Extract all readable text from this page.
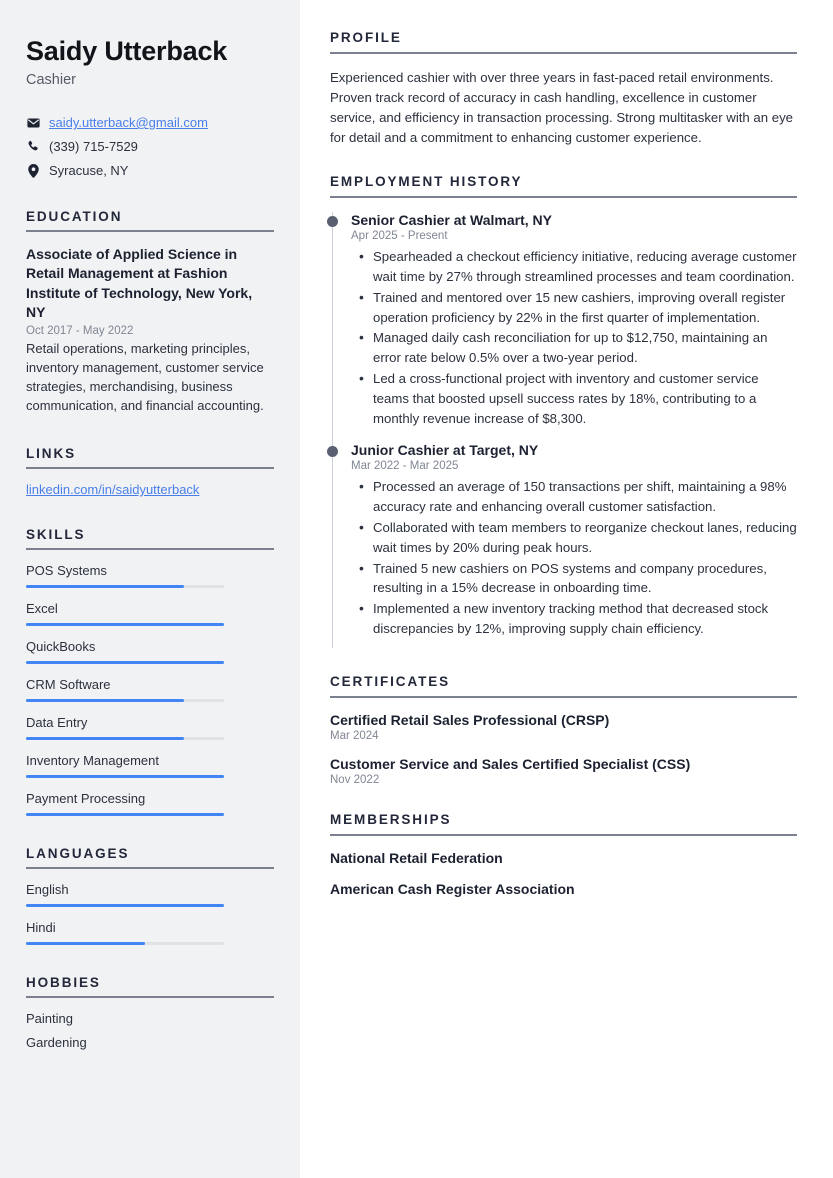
Saidy Utterback
Cashier
saidy.utterback@gmail.com
(339) 715-7529
Syracuse, NY
EDUCATION
Associate of Applied Science in Retail Management at Fashion Institute of Technology, New York, NY
Oct 2017 - May 2022
Retail operations, marketing principles, inventory management, customer service strategies, merchandising, business communication, and financial accounting.
LINKS
linkedin.com/in/saidyutterback
SKILLS
POS Systems
Excel
QuickBooks
CRM Software
Data Entry
Inventory Management
Payment Processing
LANGUAGES
English
Hindi
HOBBIES
Painting
Gardening
PROFILE

Experienced cashier with over three years in fast-paced retail environments. Proven track record of accuracy in cash handling, excellence in customer service, and efficiency in transaction processing. Strong multitasker with an eye for detail and a commitment to enhancing customer experience.

EMPLOYMENT HISTORY
Senior Cashier at Walmart, NY
Apr 2025 - Present
• Spearheaded a checkout efficiency initiative, reducing average customer wait time by 27% through streamlined processes and team coordination.
• Trained and mentored over 15 new cashiers, improving overall register operation proficiency by 22% in the first quarter of implementation.
• Managed daily cash reconciliation for up to $12,750, maintaining an error rate below 0.5% over a two-year period.
• Led a cross-functional project with inventory and customer service teams that boosted upsell success rates by 18%, contributing to a monthly revenue increase of $8,300.
Junior Cashier at Target, NY
Mar 2022 - Mar 2025
• Processed an average of 150 transactions per shift, maintaining a 98% accuracy rate and enhancing overall customer satisfaction.
• Collaborated with team members to reorganize checkout lanes, reducing wait times by 20% during peak hours.
• Trained 5 new cashiers on POS systems and company procedures, resulting in a 15% decrease in onboarding time.
• Implemented a new inventory tracking method that decreased stock discrepancies by 12%, improving supply chain efficiency.
CERTIFICATES
Certified Retail Sales Professional (CRSP)
Mar 2024
Customer Service and Sales Certified Specialist (CSS)
Nov 2022
MEMBERSHIPS
National Retail Federation
American Cash Register Association
